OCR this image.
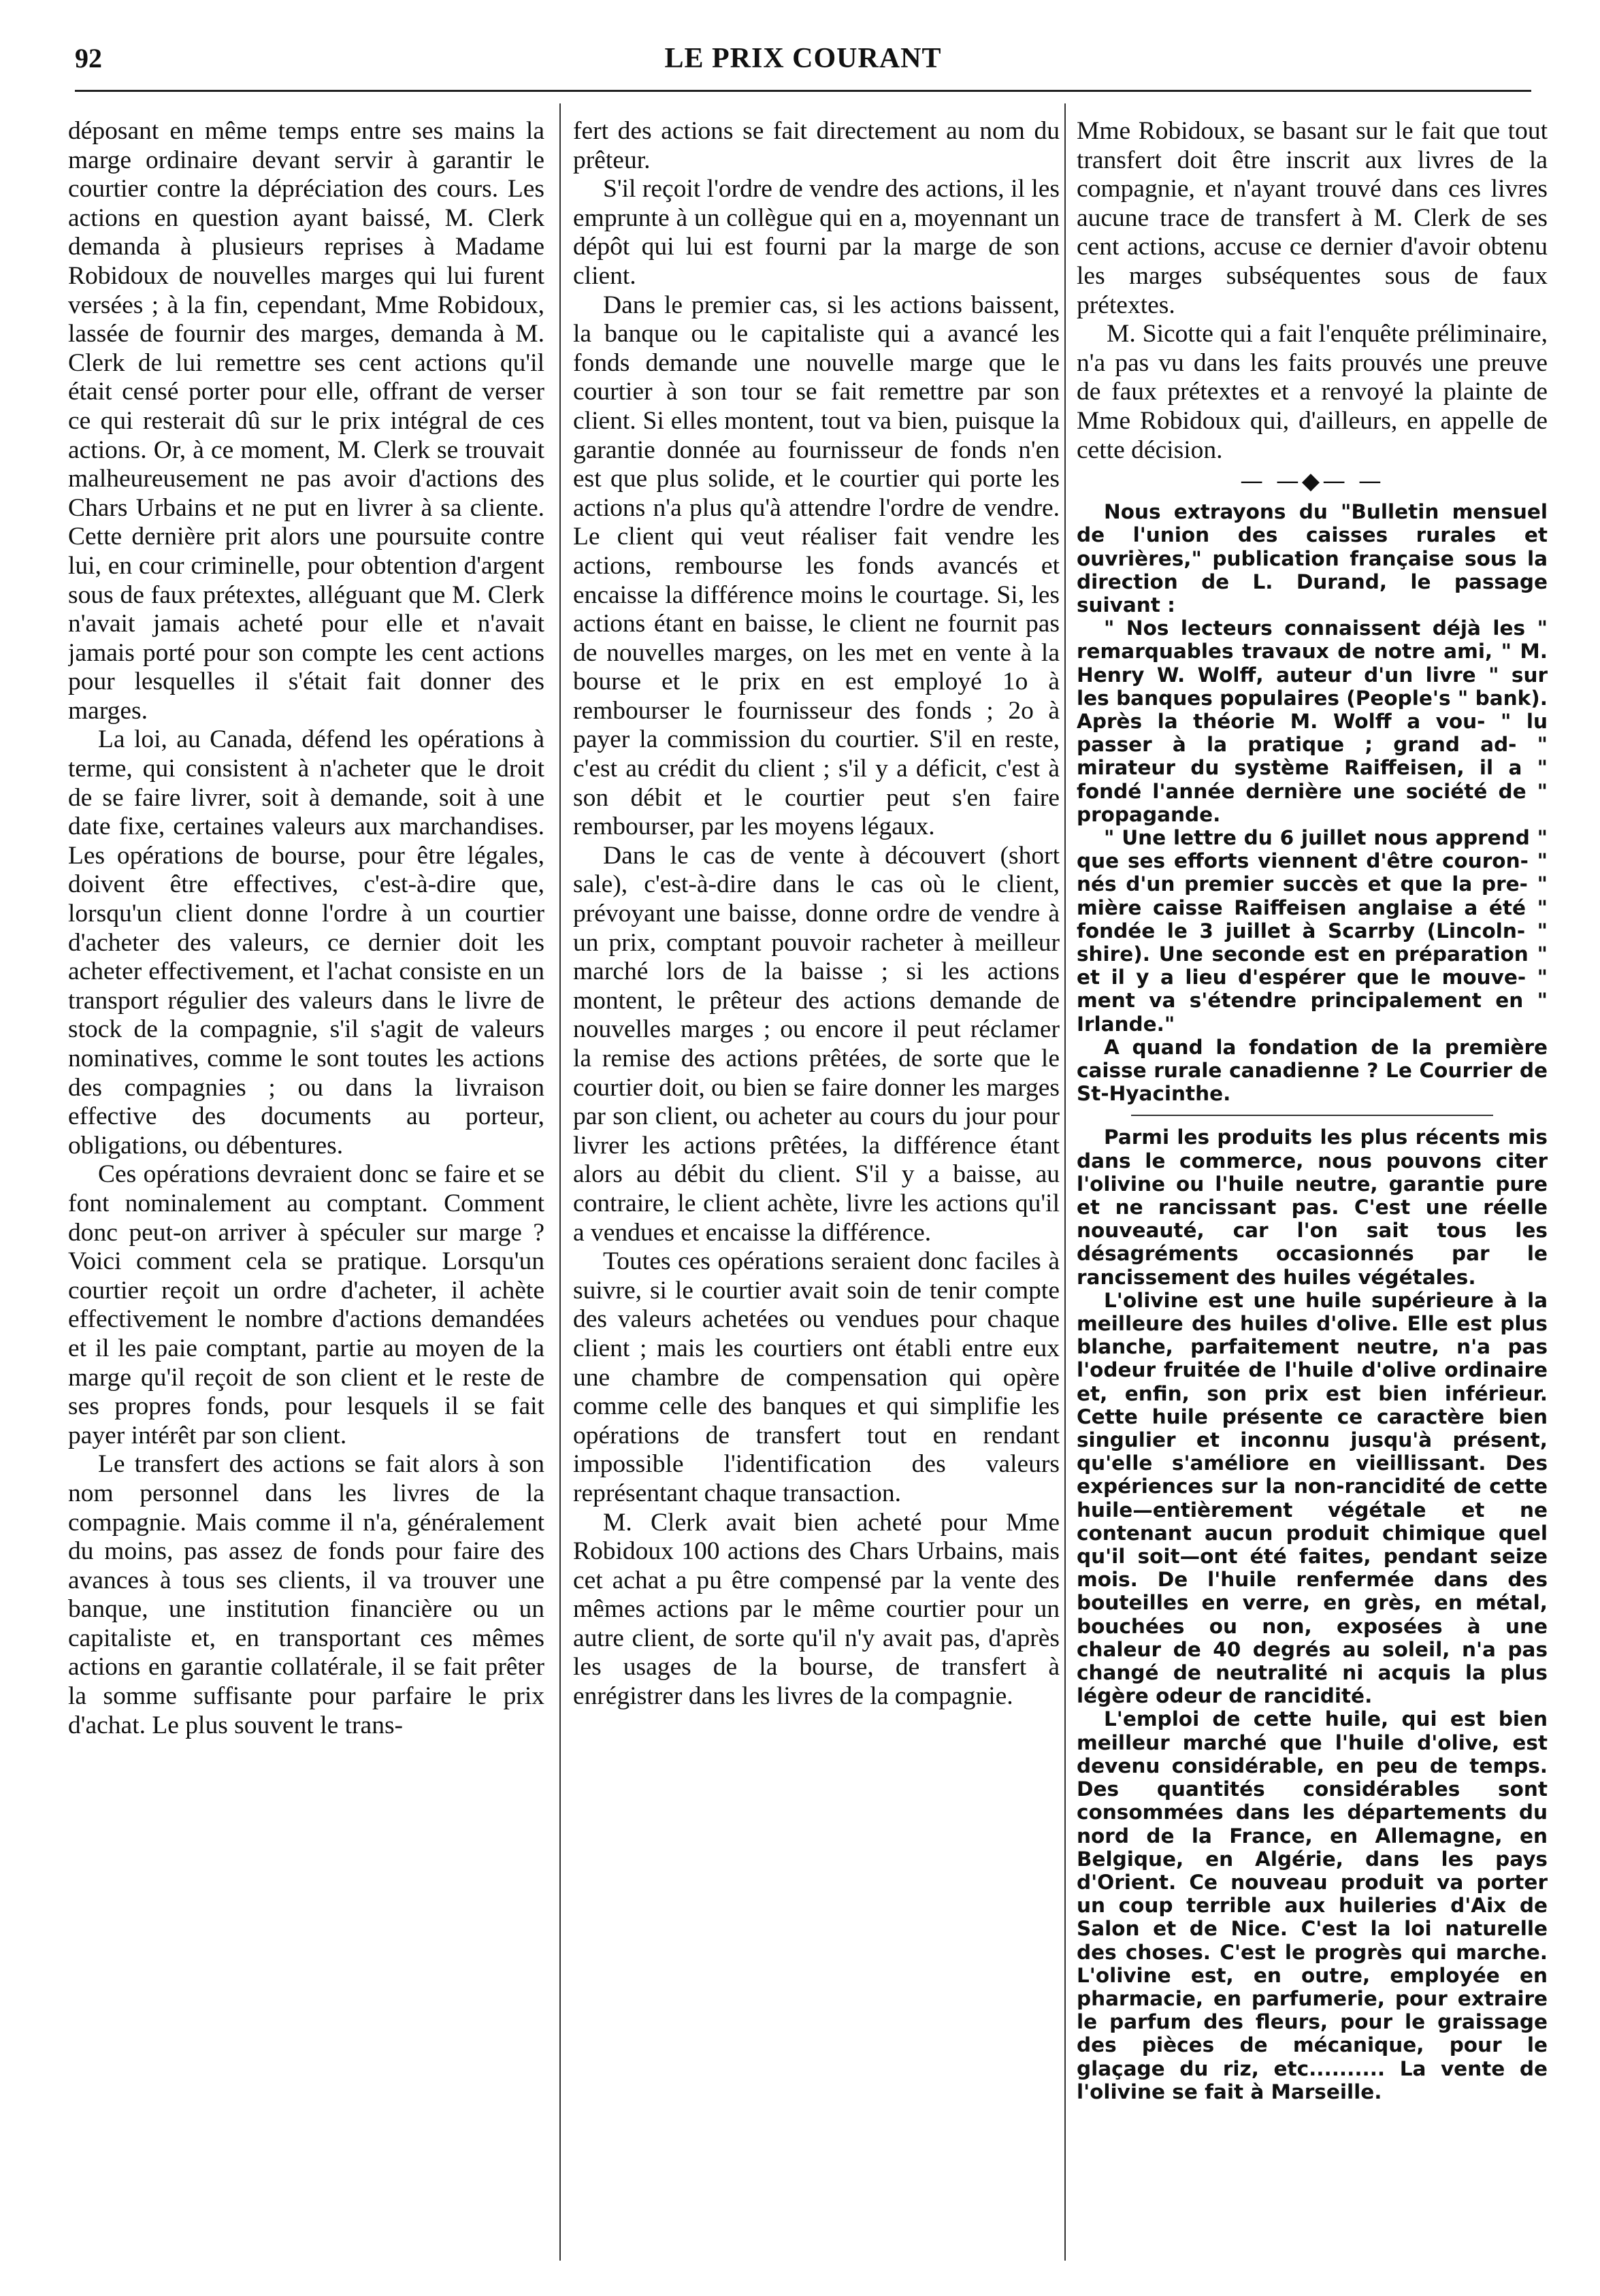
92	LE PRIX COURANT

déposant en même temps entre ses mains la marge ordinaire devant servir à garantir le courtier contre la dépréciation des cours. Les actions en question ayant baissé, M. Clerk demanda à plusieurs reprises à Madame Robidoux de nouvelles marges qui lui furent versées ; à la fin, cependant, Mme Robidoux, lassée de fournir des marges, demanda à M. Clerk de lui remettre ses cent actions qu'il était censé porter pour elle, offrant de verser ce qui resterait dû sur le prix intégral de ces actions. Or, à ce moment, M. Clerk se trouvait malheureusement ne pas avoir d'actions des Chars Urbains et ne put en livrer à sa cliente. Cette dernière prit alors une poursuite contre lui, en cour criminelle, pour obtention d'argent sous de faux prétextes, alléguant que M. Clerk n'avait jamais acheté pour elle et n'avait jamais porté pour son compte les cent actions pour lesquelles il s'était fait donner des marges.

La loi, au Canada, défend les opérations à terme, qui consistent à n'acheter que le droit de se faire livrer, soit à demande, soit à une date fixe, certaines valeurs aux marchandises. Les opérations de bourse, pour être légales, doivent être effectives, c'est-à-dire que, lorsqu'un client donne l'ordre à un courtier d'acheter des valeurs, ce dernier doit les acheter effectivement, et l'achat consiste en un transport régulier des valeurs dans le livre de stock de la compagnie, s'il s'agit de valeurs nominatives, comme le sont toutes les actions des compagnies ; ou dans la livraison effective des documents au porteur, obligations, ou débentures.

Ces opérations devraient donc se faire et se font nominalement au comptant. Comment donc peut-on arriver à spéculer sur marge ? Voici comment cela se pratique. Lorsqu'un courtier reçoit un ordre d'acheter, il achète effectivement le nombre d'actions demandées et il les paie comptant, partie au moyen de la marge qu'il reçoit de son client et le reste de ses propres fonds, pour lesquels il se fait payer intérêt par son client.

Le transfert des actions se fait alors à son nom personnel dans les livres de la compagnie. Mais comme il n'a, généralement du moins, pas assez de fonds pour faire des avances à tous ses clients, il va trouver une banque, une institution financière ou un capitaliste et, en transportant ces mêmes actions en garantie collatérale, il se fait prêter la somme suffisante pour parfaire le prix d'achat. Le plus souvent le trans-

fert des actions se fait directement au nom du prêteur.

S'il reçoit l'ordre de vendre des actions, il les emprunte à un collègue qui en a, moyennant un dépôt qui lui est fourni par la marge de son client.

Dans le premier cas, si les actions baissent, la banque ou le capitaliste qui a avancé les fonds demande une nouvelle marge que le courtier à son tour se fait remettre par son client. Si elles montent, tout va bien, puisque la garantie donnée au fournisseur de fonds n'en est que plus solide, et le courtier qui porte les actions n'a plus qu'à attendre l'ordre de vendre. Le client qui veut réaliser fait vendre les actions, rembourse les fonds avancés et encaisse la différence moins le courtage. Si, les actions étant en baisse, le client ne fournit pas de nouvelles marges, on les met en vente à la bourse et le prix en est employé 1o à rembourser le fournisseur des fonds ; 2o à payer la commission du courtier. S'il en reste, c'est au crédit du client ; s'il y a déficit, c'est à son débit et le courtier peut s'en faire rembourser, par les moyens légaux.

Dans le cas de vente à découvert (short sale), c'est-à-dire dans le cas où le client, prévoyant une baisse, donne ordre de vendre à un prix, comptant pouvoir racheter à meilleur marché lors de la baisse ; si les actions montent, le prêteur des actions demande de nouvelles marges ; ou encore il peut réclamer la remise des actions prêtées, de sorte que le courtier doit, ou bien se faire donner les marges par son client, ou acheter au cours du jour pour livrer les actions prêtées, la différence étant alors au débit du client. S'il y a baisse, au contraire, le client achète, livre les actions qu'il a vendues et encaisse la différence.

Toutes ces opérations seraient donc faciles à suivre, si le courtier avait soin de tenir compte des valeurs achetées ou vendues pour chaque client ; mais les courtiers ont établi entre eux une chambre de compensation qui opère comme celle des banques et qui simplifie les opérations de transfert tout en rendant impossible l'identification des valeurs représentant chaque transaction.

M. Clerk avait bien acheté pour Mme Robidoux 100 actions des Chars Urbains, mais cet achat a pu être compensé par la vente des mêmes actions par le même courtier pour un autre client, de sorte qu'il n'y avait pas, d'après les usages de la bourse, de transfert à enrégistrer dans les livres de la compagnie.

Mme Robidoux, se basant sur le fait que tout transfert doit être inscrit aux livres de la compagnie, et n'ayant trouvé dans ces livres aucune trace de transfert à M. Clerk de ses cent actions, accuse ce dernier d'avoir obtenu les marges subséquentes sous de faux prétextes.

M. Sicotte qui a fait l'enquête préliminaire, n'a pas vu dans les faits prouvés une preuve de faux prétextes et a renvoyé la plainte de Mme Robidoux qui, d'ailleurs, en appelle de cette décision.

— —◆— —

Nous extrayons du "Bulletin mensuel de l'union des caisses rurales et ouvrières," publication française sous la direction de L. Durand, le passage suivant :

" Nos lecteurs connaissent déjà les " remarquables travaux de notre ami, " M. Henry W. Wolff, auteur d'un livre " sur les banques populaires (People's " bank). Après la théorie M. Wolff a vou- " lu passer à la pratique ; grand ad- " mirateur du système Raiffeisen, il a " fondé l'année dernière une société de " propagande.

" Une lettre du 6 juillet nous apprend " que ses efforts viennent d'être couron- " nés d'un premier succès et que la pre- " mière caisse Raiffeisen anglaise a été " fondée le 3 juillet à Scarrby (Lincoln- " shire). Une seconde est en préparation " et il y a lieu d'espérer que le mouve- " ment va s'étendre principalement en " Irlande."

A quand la fondation de la première caisse rurale canadienne ? Le Courrier de St-Hyacinthe.

Parmi les produits les plus récents mis dans le commerce, nous pouvons citer l'olivine ou l'huile neutre, garantie pure et ne rancissant pas. C'est une réelle nouveauté, car l'on sait tous les désagréments occasionnés par le rancissement des huiles végétales.

L'olivine est une huile supérieure à la meilleure des huiles d'olive. Elle est plus blanche, parfaitement neutre, n'a pas l'odeur fruitée de l'huile d'olive ordinaire et, enfin, son prix est bien inférieur. Cette huile présente ce caractère bien singulier et inconnu jusqu'à présent, qu'elle s'améliore en vieillissant. Des expériences sur la non-rancidité de cette huile—entièrement végétale et ne contenant aucun produit chimique quel qu'il soit—ont été faites, pendant seize mois. De l'huile renfermée dans des bouteilles en verre, en grès, en métal, bouchées ou non, exposées à une chaleur de 40 degrés au soleil, n'a pas changé de neutralité ni acquis la plus légère odeur de rancidité.

L'emploi de cette huile, qui est bien meilleur marché que l'huile d'olive, est devenu considérable, en peu de temps. Des quantités considérables sont consommées dans les départements du nord de la France, en Allemagne, en Belgique, en Algérie, dans les pays d'Orient. Ce nouveau produit va porter un coup terrible aux huileries d'Aix de Salon et de Nice. C'est la loi naturelle des choses. C'est le progrès qui marche. L'olivine est, en outre, employée en pharmacie, en parfumerie, pour extraire le parfum des fleurs, pour le graissage des pièces de mécanique, pour le glaçage du riz, etc.......... La vente de l'olivine se fait à Marseille.
